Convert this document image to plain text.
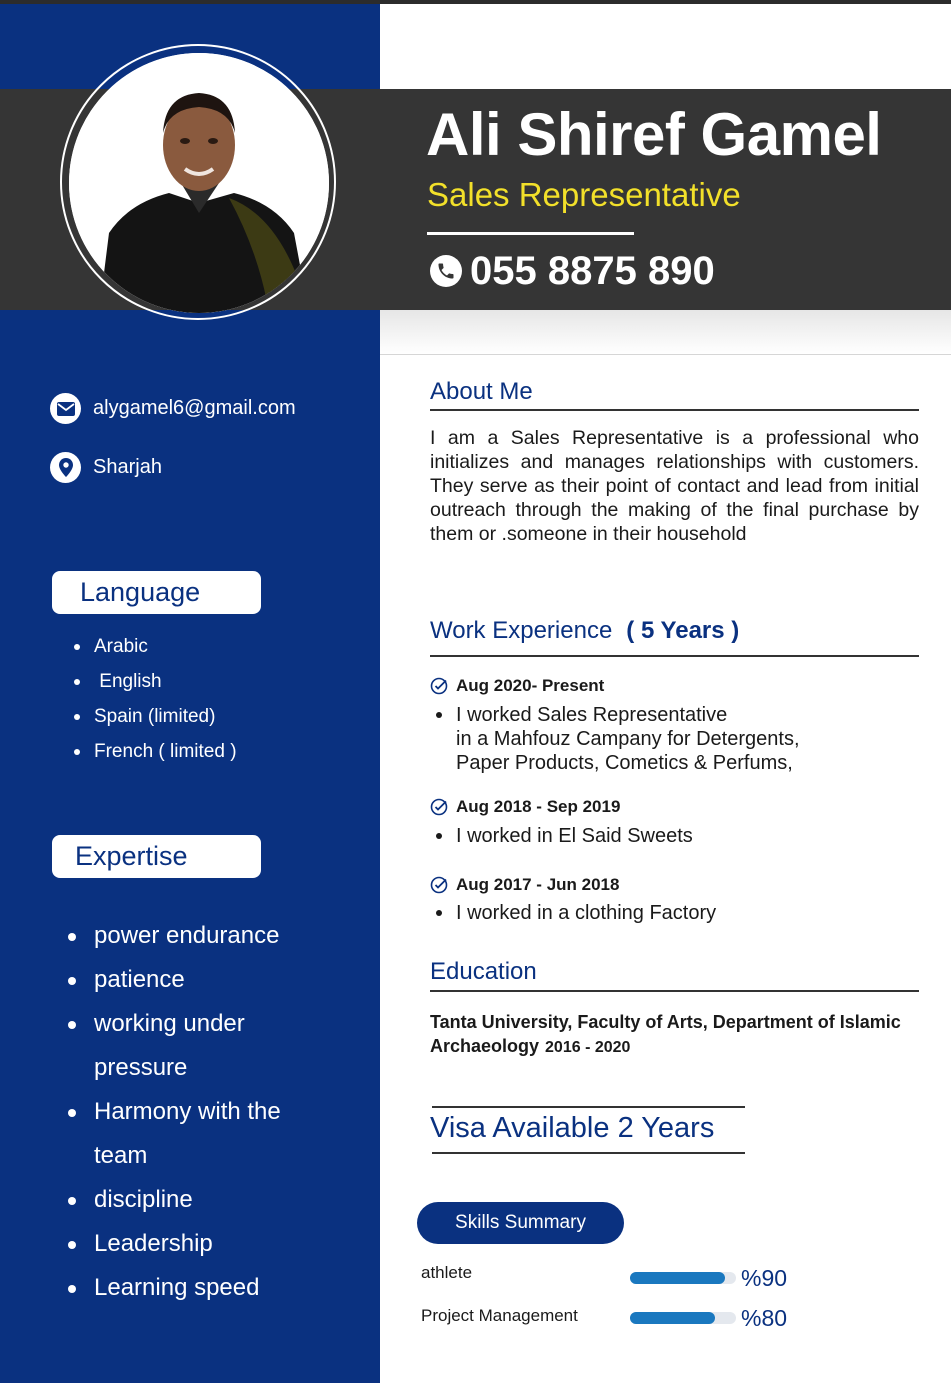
Ali Shiref Gamel
Sales Representative
055 8875 890
alygamel6@gmail.com
Sharjah
Language
Arabic
English
Spain (limited)
French ( limited )
Expertise
power endurance
patience
working under pressure
Harmony with the team
discipline
Leadership
Learning speed
About Me
I am a Sales Representative is a professional who initializes and manages relationships with customers. They serve as their point of contact and lead from initial outreach through the making of the final purchase by them or .someone in their household
Work Experience ( 5 Years )
Aug 2020- Present
I worked Sales Representative
in a Mahfouz Campany for Detergents,
Paper Products, Cometics & Perfums,
Aug 2018 - Sep 2019
I worked in El Said Sweets
Aug 2017 - Jun 2018
I worked in a clothing Factory
Education
Tanta University, Faculty of Arts, Department of Islamic Archaeology 2016 - 2020
Visa Available 2 Years
Skills Summary
athlete	%90
Project Management	%80
